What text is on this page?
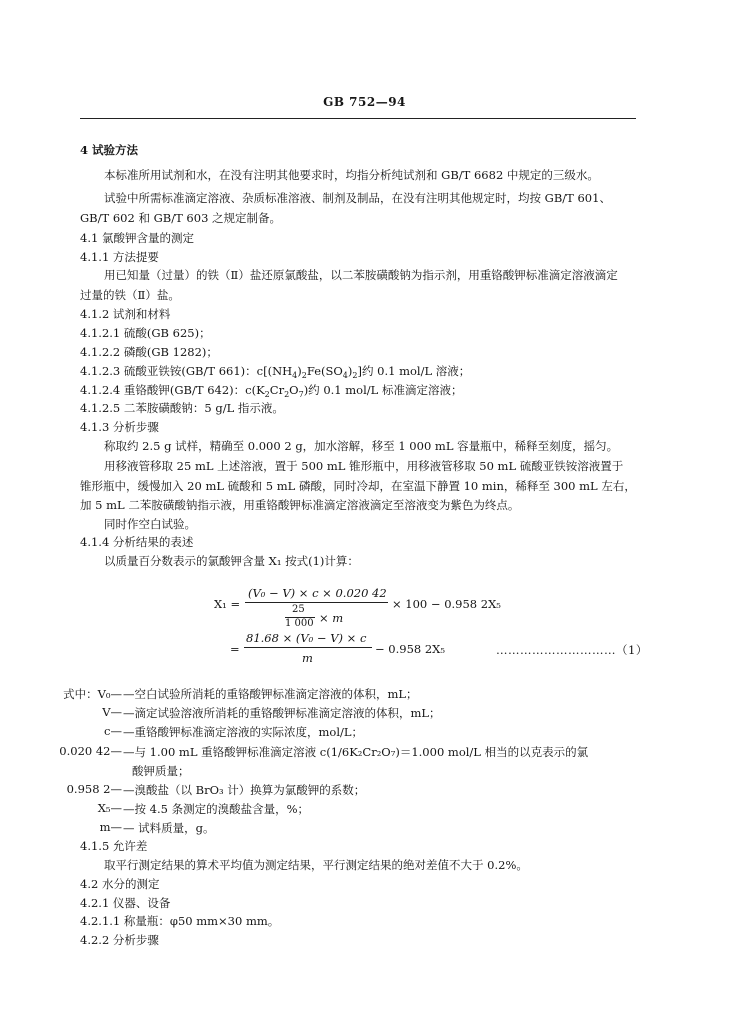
GB 752—94
4 试验方法
本标准所用试剂和水，在没有注明其他要求时，均指分析纯试剂和 GB/T 6682 中规定的三级水。
试验中所需标准滴定溶液、杂质标准溶液、制剂及制品，在没有注明其他规定时，均按 GB/T 601、
GB/T 602 和 GB/T 603 之规定制备。
4.1 氯酸钾含量的测定
4.1.1 方法提要
用已知量（过量）的铁（Ⅱ）盐还原氯酸盐，以二苯胺磺酸钠为指示剂，用重铬酸钾标准滴定溶液滴定
过量的铁（Ⅱ）盐。
4.1.2 试剂和材料
4.1.2.1 硫酸(GB 625)；
4.1.2.2 磷酸(GB 1282)；
4.1.2.3 硫酸亚铁铵(GB/T 661)：$c[(NH_4)_2Fe(SO_4)_2]$约 0.1 mol/L 溶液；
4.1.2.4 重铬酸钾(GB/T 642)：$c(K_2Cr_2O_7)$约 0.1 mol/L 标准滴定溶液；
4.1.2.5 二苯胺磺酸钠：5 g/L 指示液。
4.1.3 分析步骤
称取约 2.5 g 试样，精确至 0.000 2 g，加水溶解，移至 1 000 mL 容量瓶中，稀释至刻度，摇匀。
用移液管移取 25 mL 上述溶液，置于 500 mL 锥形瓶中，用移液管移取 50 mL 硫酸亚铁铵溶液置于
锥形瓶中，缓慢加入 20 mL 硫酸和 5 mL 磷酸，同时冷却，在室温下静置 10 min，稀释至 300 mL 左右，
加 5 mL 二苯胺磺酸钠指示液，用重铬酸钾标准滴定溶液滴定至溶液变为紫色为终点。
同时作空白试验。
4.1.4 分析结果的表述
以质量百分数表示的氯酸钾含量 X₁ 按式(1)计算：
X₁ =
(V₀ − V) × c × 0.020 42
25
1 000 × m
× 100 − 0.958 2X₅
=
81.68 × (V₀ − V) × c
m
− 0.958 2X₅	…………………………（1）
式中：V₀— —空白试验所消耗的重铬酸钾标准滴定溶液的体积，mL；
V— —滴定试验溶液所消耗的重铬酸钾标准滴定溶液的体积，mL；
c— —重铬酸钾标准滴定溶液的实际浓度，mol/L；
0.020 42— —与 1.00 mL 重铬酸钾标准滴定溶液 c(1/6K₂Cr₂O₇)＝1.000 mol/L 相当的以克表示的氯
酸钾质量；
0.958 2— —溴酸盐（以 BrO₃ 计）换算为氯酸钾的系数；
X₅— —按 4.5 条测定的溴酸盐含量，%；
m— — 试料质量，g。
4.1.5 允许差
取平行测定结果的算术平均值为测定结果，平行测定结果的绝对差值不大于 0.2%。
4.2 水分的测定
4.2.1 仪器、设备
4.2.1.1 称量瓶：φ50 mm×30 mm。
4.2.2 分析步骤
